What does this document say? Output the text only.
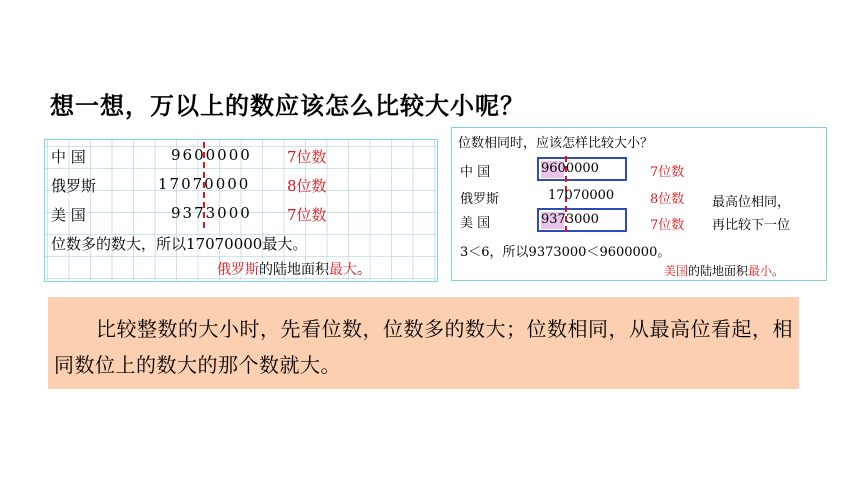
想一想，万以上的数应该怎么比较大小呢？
中 国	9600000 7位数
俄罗斯	17070000 8位数
美 国	9373000 7位数
位数多的数大，所以17070000最大。
俄罗斯的陆地面积最大。
位数相同时，应该怎样比较大小？
中 国	9600000	7位数
俄罗斯	17070000	8位数
美 国	9373000	7位数
最高位相同，
再比较下一位
3＜6，所以9373000＜9600000。
美国的陆地面积最小。
比较整数的大小时，先看位数，位数多的数大；位数相同，从最高位看起，相同数位上的数大的那个数就大。
